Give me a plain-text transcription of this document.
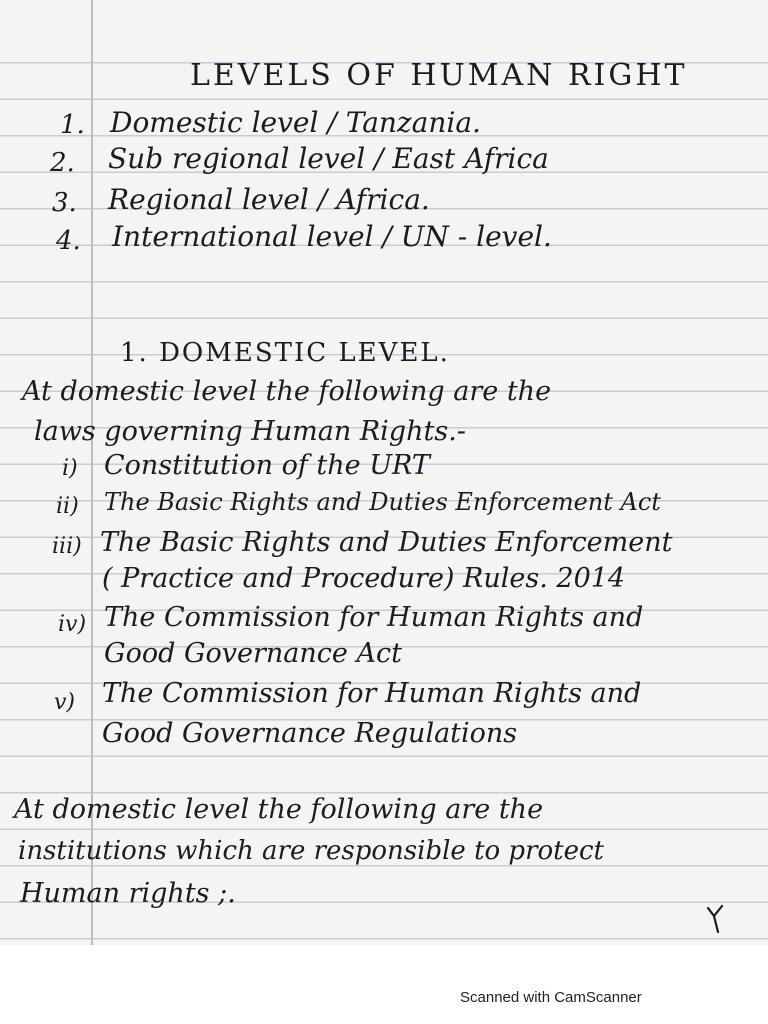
LEVELS OF HUMAN RIGHT
1. Domestic level / Tanzania.
2. Sub regional level / East Africa
3. Regional level / Africa.
4. International level / UN - level.
1. DOMESTIC LEVEL.
At domestic level the following are the
laws governing Human Rights.-
i) Constitution of the URT
ii) The Basic Rights and Duties Enforcement Act
iii) The Basic Rights and Duties Enforcement
( Practice and Procedure) Rules. 2014
iv) The Commission for Human Rights and
Good Governance Act
v) The Commission for Human Rights and
Good Governance Regulations
At domestic level the following are the
institutions which are responsible to protect
Human rights ;.
Scanned with CamScanner
